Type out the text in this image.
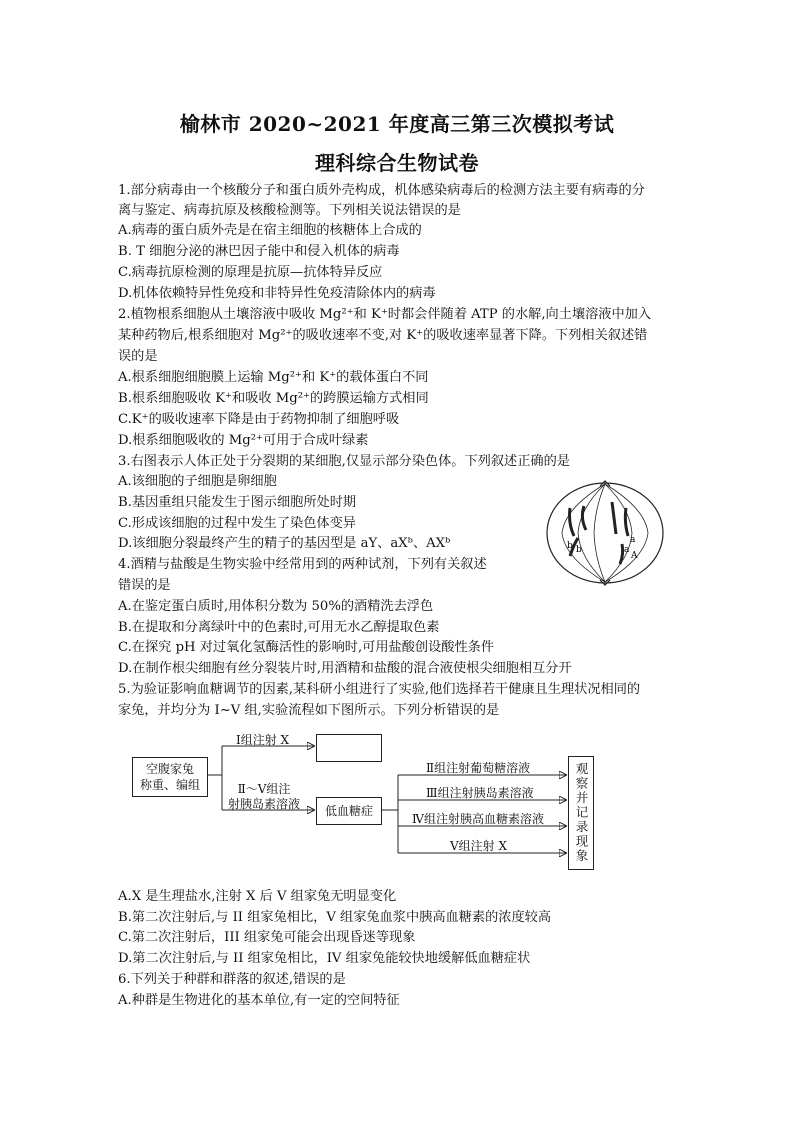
榆林市 2020~2021 年度高三第三次模拟考试
理科综合生物试卷
1.部分病毒由一个核酸分子和蛋白质外壳构成，机体感染病毒后的检测方法主要有病毒的分
离与鉴定、病毒抗原及核酸检测等。下列相关说法错误的是
A.病毒的蛋白质外壳是在宿主细胞的核糖体上合成的
B. T 细胞分泌的淋巴因子能中和侵入机体的病毒
C.病毒抗原检测的原理是抗原—抗体特异反应
D.机体依赖特异性免疫和非特异性免疫清除体内的病毒
2.植物根系细胞从土壤溶液中吸收 Mg²⁺和 K⁺时都会伴随着 ATP 的水解,向土壤溶液中加入
某种药物后,根系细胞对 Mg²⁺的吸收速率不变,对 K⁺的吸收速率显著下降。下列相关叙述错
误的是
A.根系细胞细胞膜上运输 Mg²⁺和 K⁺的载体蛋白不同
B.根系细胞吸收 K⁺和吸收 Mg²⁺的跨膜运输方式相同
C.K⁺的吸收速率下降是由于药物抑制了细胞呼吸
D.根系细胞吸收的 Mg²⁺可用于合成叶绿素
3.右图表示人体正处于分裂期的某细胞,仅显示部分染色体。下列叙述正确的是
A.该细胞的子细胞是卵细胞
B.基因重组只能发生于图示细胞所处时期
C.形成该细胞的过程中发生了染色体变异
D.该细胞分裂最终产生的精子的基因型是 aY、aXᵇ、AXᵇ
4.酒精与盐酸是生物实验中经常用到的两种试剂，下列有关叙述
错误的是
A.在鉴定蛋白质时,用体积分数为 50%的酒精洗去浮色
B.在提取和分离绿叶中的色素时,可用无水乙醇提取色素
C.在探究 pH 对过氧化氢酶活性的影响时,可用盐酸创设酸性条件
D.在制作根尖细胞有丝分裂装片时,用酒精和盐酸的混合液使根尖细胞相互分开
5.为验证影响血糖调节的因素,某科研小组进行了实验,他们选择若干健康且生理状况相同的
家兔，并均分为 I~V 组,实验流程如下图所示。下列分析错误的是
b b
a
a
A
空腹家兔
称重、编组
Ⅰ组注射 X
Ⅱ～Ⅴ组注
射胰岛素溶液	低血糖症
Ⅱ组注射葡萄糖溶液
Ⅲ组注射胰岛素溶液
Ⅳ组注射胰高血糖素溶液
Ⅴ组注射 X	观察并记录现象
A.X 是生理盐水,注射 X 后 V 组家兔无明显变化
B.第二次注射后,与 II 组家兔相比，V 组家兔血浆中胰高血糖素的浓度较高
C.第二次注射后，III 组家兔可能会出现昏迷等现象
D.第二次注射后,与 II 组家兔相比，IV 组家兔能较快地缓解低血糖症状
6.下列关于种群和群落的叙述,错误的是
A.种群是生物进化的基本单位,有一定的空间特征
